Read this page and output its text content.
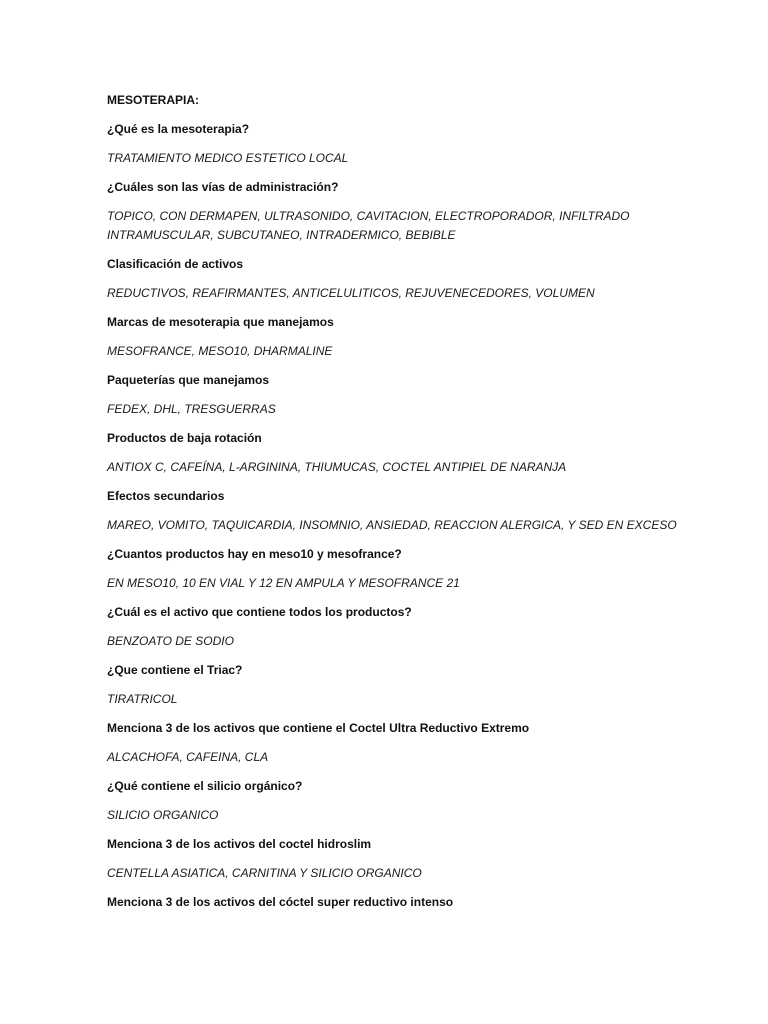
MESOTERAPIA:

¿Qué es la mesoterapia?

TRATAMIENTO MEDICO ESTETICO LOCAL

¿Cuáles son las vías de administración?

TOPICO, CON DERMAPEN, ULTRASONIDO, CAVITACION, ELECTROPORADOR, INFILTRADO INTRAMUSCULAR, SUBCUTANEO, INTRADERMICO, BEBIBLE

Clasificación de activos

REDUCTIVOS, REAFIRMANTES, ANTICELULITICOS, REJUVENECEDORES, VOLUMEN

Marcas de mesoterapia que manejamos

MESOFRANCE, MESO10, DHARMALINE

Paqueterías que manejamos

FEDEX, DHL, TRESGUERRAS

Productos de baja rotación

ANTIOX C, CAFEÍNA, L-ARGININA, THIUMUCAS, COCTEL ANTIPIEL DE NARANJA

Efectos secundarios

MAREO, VOMITO, TAQUICARDIA, INSOMNIO, ANSIEDAD, REACCION ALERGICA, Y SED EN EXCESO

¿Cuantos productos hay en meso10 y mesofrance?

EN MESO10, 10 EN VIAL Y 12 EN AMPULA Y MESOFRANCE 21

¿Cuál es el activo que contiene todos los productos?

BENZOATO DE SODIO

¿Que contiene el Triac?

TIRATRICOL

Menciona 3 de los activos que contiene el Coctel Ultra Reductivo Extremo

ALCACHOFA, CAFEINA, CLA

¿Qué contiene el silicio orgánico?

SILICIO ORGANICO

Menciona 3 de los activos del coctel hidroslim

CENTELLA ASIATICA, CARNITINA Y SILICIO ORGANICO

Menciona 3 de los activos del cóctel super reductivo intenso
